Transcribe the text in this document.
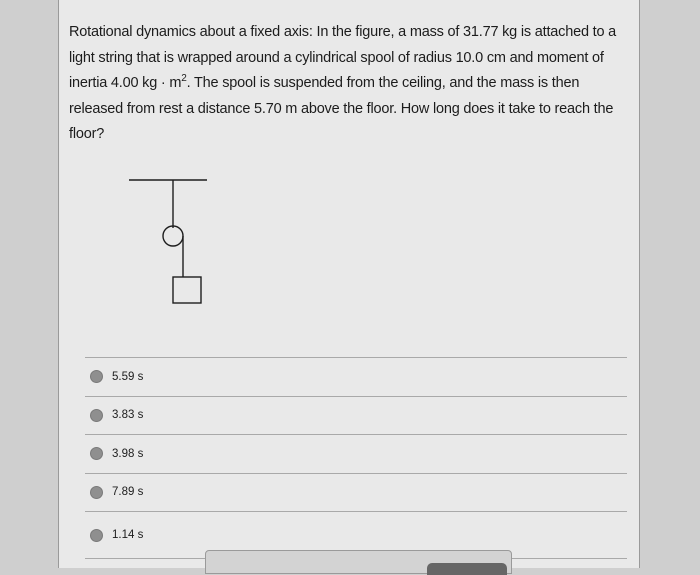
Rotational dynamics about a fixed axis: In the figure, a mass of 31.77 kg is attached to a light string that is wrapped around a cylindrical spool of radius 10.0 cm and moment of inertia 4.00 kg · $m^2$. The spool is suspended from the ceiling, and the mass is then released from rest a distance 5.70 m above the floor. How long does it take to reach the floor?
5.59 s
3.83 s
3.98 s
7.89 s
1.14 s
